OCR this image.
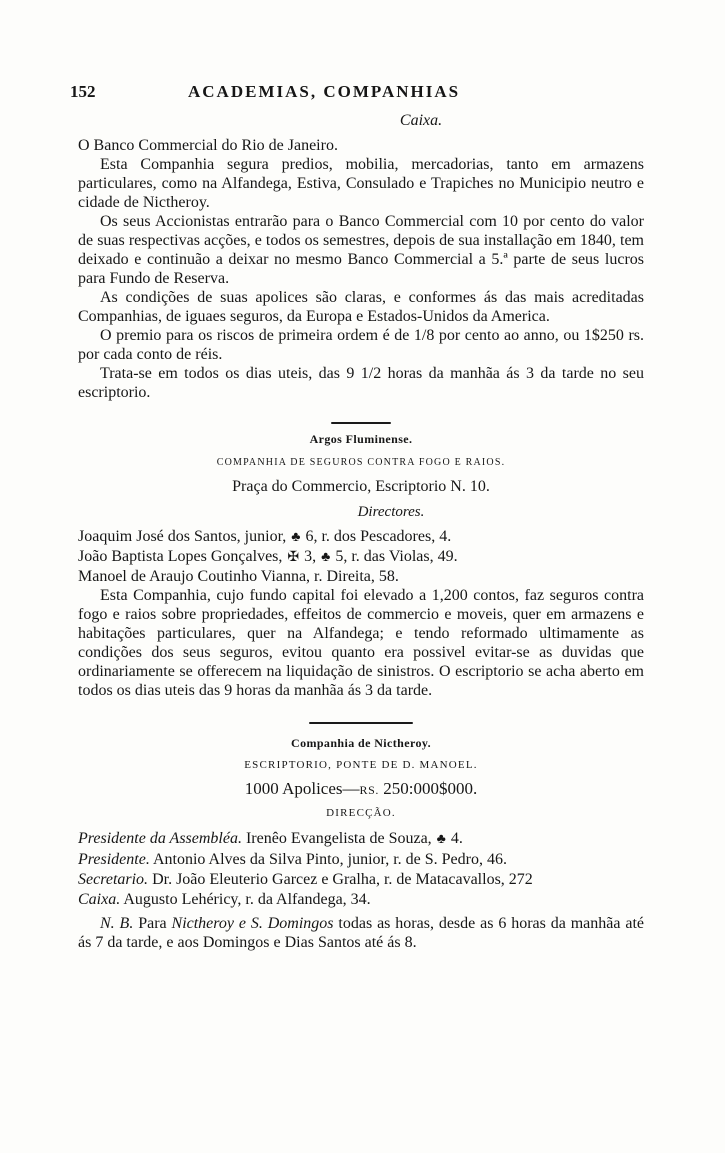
152	ACADEMIAS, COMPANHIAS

Caixa.

O Banco Commercial do Rio de Janeiro.

Esta Companhia segura predios, mobilia, mercadorias, tanto em armazens particulares, como na Alfandega, Estiva, Consulado e Trapiches no Municipio neutro e cidade de Nictheroy.

Os seus Accionistas entrarão para o Banco Commercial com 10 por cento do valor de suas respectivas acções, e todos os semestres, depois de sua installação em 1840, tem deixado e continuão a deixar no mesmo Banco Commercial a 5.ª parte de seus lucros para Fundo de Reserva.

As condições de suas apolices são claras, e conformes ás das mais acreditadas Companhias, de iguaes seguros, da Europa e Estados-Unidos da America.

O premio para os riscos de primeira ordem é de 1/8 por cento ao anno, ou 1$250 rs. por cada conto de réis.

Trata-se em todos os dias uteis, das 9 1/2 horas da manhãa ás 3 da tarde no seu escriptorio.

Argos Fluminense.

COMPANHIA DE SEGUROS CONTRA FOGO E RAIOS.

Praça do Commercio, Escriptorio N. 10.

Directores.

Joaquim José dos Santos, junior, ♣ 6, r. dos Pescadores, 4.

João Baptista Lopes Gonçalves, ✠ 3, ♣ 5, r. das Violas, 49.

Manoel de Araujo Coutinho Vianna, r. Direita, 58.

Esta Companhia, cujo fundo capital foi elevado a 1,200 contos, faz seguros contra fogo e raios sobre propriedades, effeitos de commercio e moveis, quer em armazens e habitações particulares, quer na Alfandega; e tendo reformado ultimamente as condições dos seus seguros, evitou quanto era possivel evitar-se as duvidas que ordinariamente se offerecem na liquidação de sinistros. O escriptorio se acha aberto em todos os dias uteis das 9 horas da manhãa ás 3 da tarde.

Companhia de Nictheroy.

ESCRIPTORIO, PONTE DE D. MANOEL.

1000 Apolices—RS. 250:000$000.

DIRECÇÃO.

Presidente da Assembléa. Irenêo Evangelista de Souza, ♣ 4.

Presidente. Antonio Alves da Silva Pinto, junior, r. de S. Pedro, 46.

Secretario. Dr. João Eleuterio Garcez e Gralha, r. de Matacavallos, 272

Caixa. Augusto Lehéricy, r. da Alfandega, 34.

N. B. Para Nictheroy e S. Domingos todas as horas, desde as 6 horas da manhãa até ás 7 da tarde, e aos Domingos e Dias Santos até ás 8.
